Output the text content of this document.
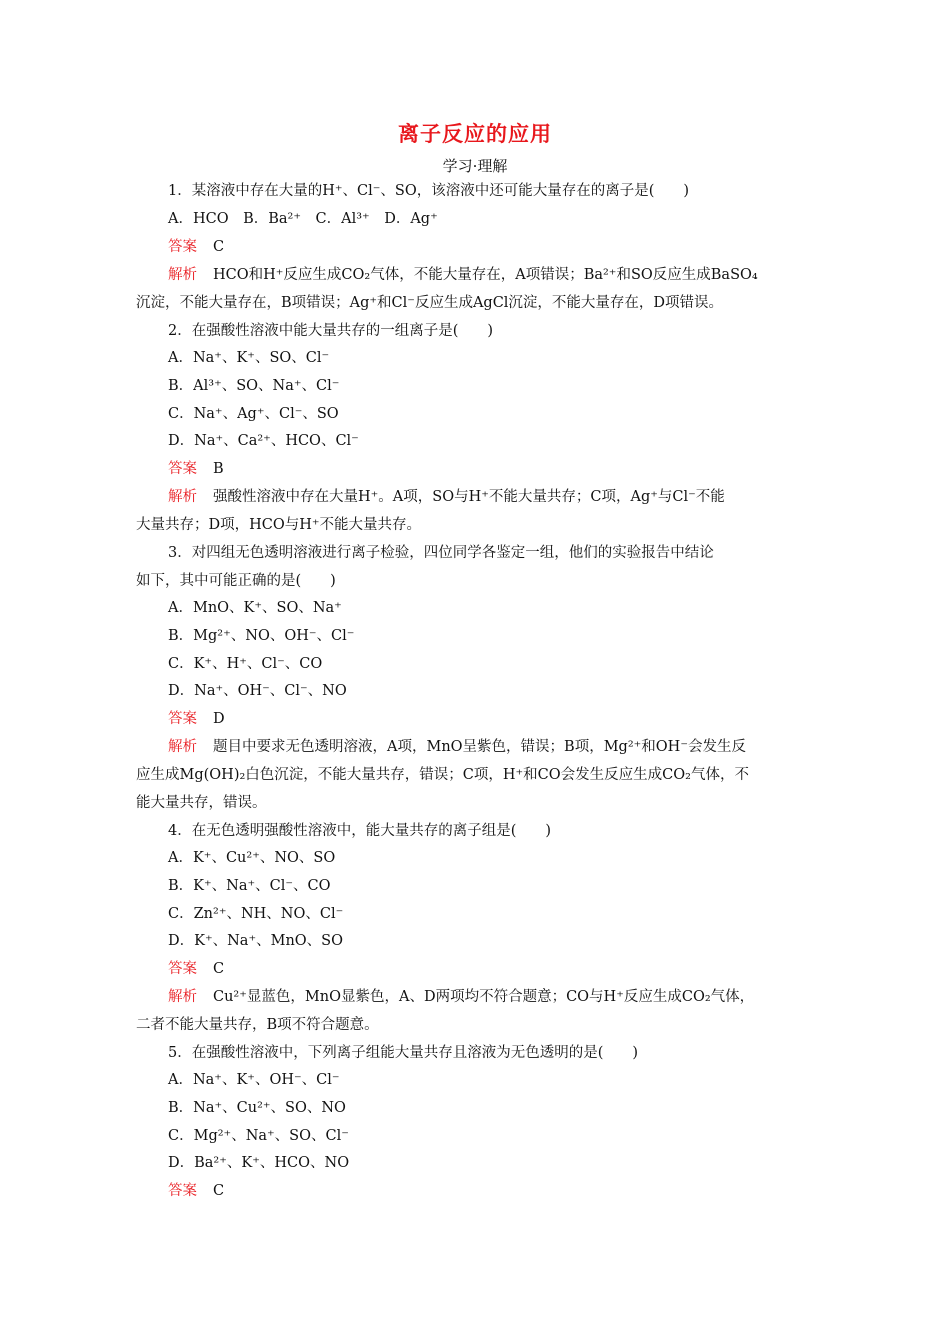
离子反应的应用
学习·理解
1．某溶液中存在大量的H⁺、Cl⁻、SO，该溶液中还可能大量存在的离子是(　　)
A．HCO　B．Ba²⁺　C．Al³⁺　D．Ag⁺
答案 C
解析 HCO和H⁺反应生成CO₂气体，不能大量存在，A项错误；Ba²⁺和SO反应生成BaSO₄
沉淀，不能大量存在，B项错误；Ag⁺和Cl⁻反应生成AgCl沉淀，不能大量存在，D项错误。
2．在强酸性溶液中能大量共存的一组离子是(　　)
A．Na⁺、K⁺、SO、Cl⁻
B．Al³⁺、SO、Na⁺、Cl⁻
C．Na⁺、Ag⁺、Cl⁻、SO
D．Na⁺、Ca²⁺、HCO、Cl⁻
答案 B
解析 强酸性溶液中存在大量H⁺。A项，SO与H⁺不能大量共存；C项，Ag⁺与Cl⁻不能
大量共存；D项，HCO与H⁺不能大量共存。
3．对四组无色透明溶液进行离子检验，四位同学各鉴定一组，他们的实验报告中结论
如下，其中可能正确的是(　　)
A．MnO、K⁺、SO、Na⁺
B．Mg²⁺、NO、OH⁻、Cl⁻
C．K⁺、H⁺、Cl⁻、CO
D．Na⁺、OH⁻、Cl⁻、NO
答案 D
解析 题目中要求无色透明溶液，A项，MnO呈紫色，错误；B项，Mg²⁺和OH⁻会发生反
应生成Mg(OH)₂白色沉淀，不能大量共存，错误；C项，H⁺和CO会发生反应生成CO₂气体，不
能大量共存，错误。
4．在无色透明强酸性溶液中，能大量共存的离子组是(　　)
A．K⁺、Cu²⁺、NO、SO
B．K⁺、Na⁺、Cl⁻、CO
C．Zn²⁺、NH、NO、Cl⁻
D．K⁺、Na⁺、MnO、SO
答案 C
解析 Cu²⁺显蓝色，MnO显紫色，A、D两项均不符合题意；CO与H⁺反应生成CO₂气体，
二者不能大量共存，B项不符合题意。
5．在强酸性溶液中，下列离子组能大量共存且溶液为无色透明的是(　　)
A．Na⁺、K⁺、OH⁻、Cl⁻
B．Na⁺、Cu²⁺、SO、NO
C．Mg²⁺、Na⁺、SO、Cl⁻
D．Ba²⁺、K⁺、HCO、NO
答案 C
